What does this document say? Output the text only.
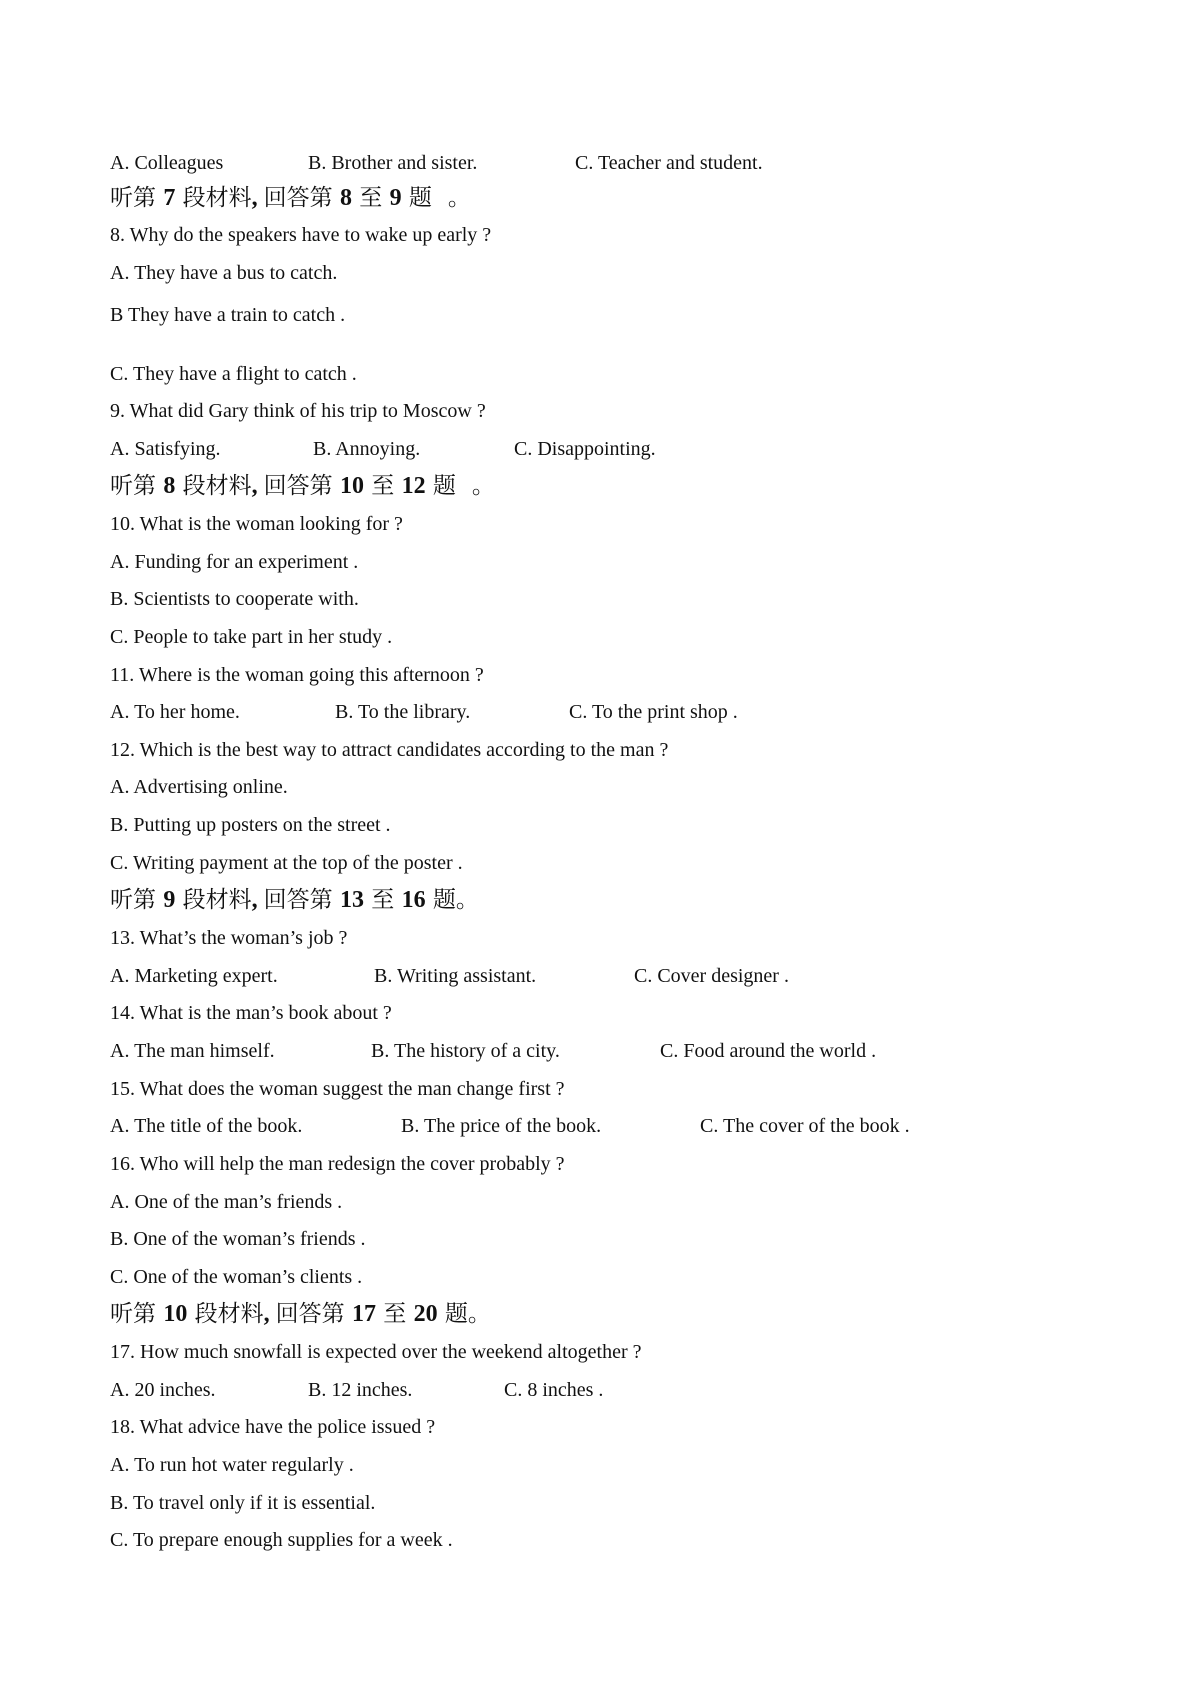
A. Colleagues	B. Brother and sister.	C. Teacher and student.
听第 7 段材料, 回答第 8 至 9 题 。
8. Why do the speakers have to wake up early ?
A. They have a bus to catch.
B They have a train to catch .
C. They have a flight to catch .
9. What did Gary think of his trip to Moscow ?
A. Satisfying.	B. Annoying.	C. Disappointing.
听第 8 段材料, 回答第 10 至 12 题 。
10. What is the woman looking for ?
A. Funding for an experiment .
B. Scientists to cooperate with.
C. People to take part in her study .
11. Where is the woman going this afternoon ?
A. To her home.	B. To the library.	C. To the print shop .
12. Which is the best way to attract candidates according to the man ?
A. Advertising online.
B. Putting up posters on the street .
C. Writing payment at the top of the poster .
听第 9 段材料, 回答第 13 至 16 题。
13. What’s the woman’s job ?
A. Marketing expert.	B. Writing assistant.	C. Cover designer .
14. What is the man’s book about ?
A. The man himself.	B. The history of a city.	C. Food around the world .
15. What does the woman suggest the man change first ?
A. The title of the book.	B. The price of the book.	C. The cover of the book .
16. Who will help the man redesign the cover probably ?
A. One of the man’s friends .
B. One of the woman’s friends .
C. One of the woman’s clients .
听第 10 段材料, 回答第 17 至 20 题。
17. How much snowfall is expected over the weekend altogether ?
A. 20 inches.	B. 12 inches.	C. 8 inches .
18. What advice have the police issued ?
A. To run hot water regularly .
B. To travel only if it is essential.
C. To prepare enough supplies for a week .
